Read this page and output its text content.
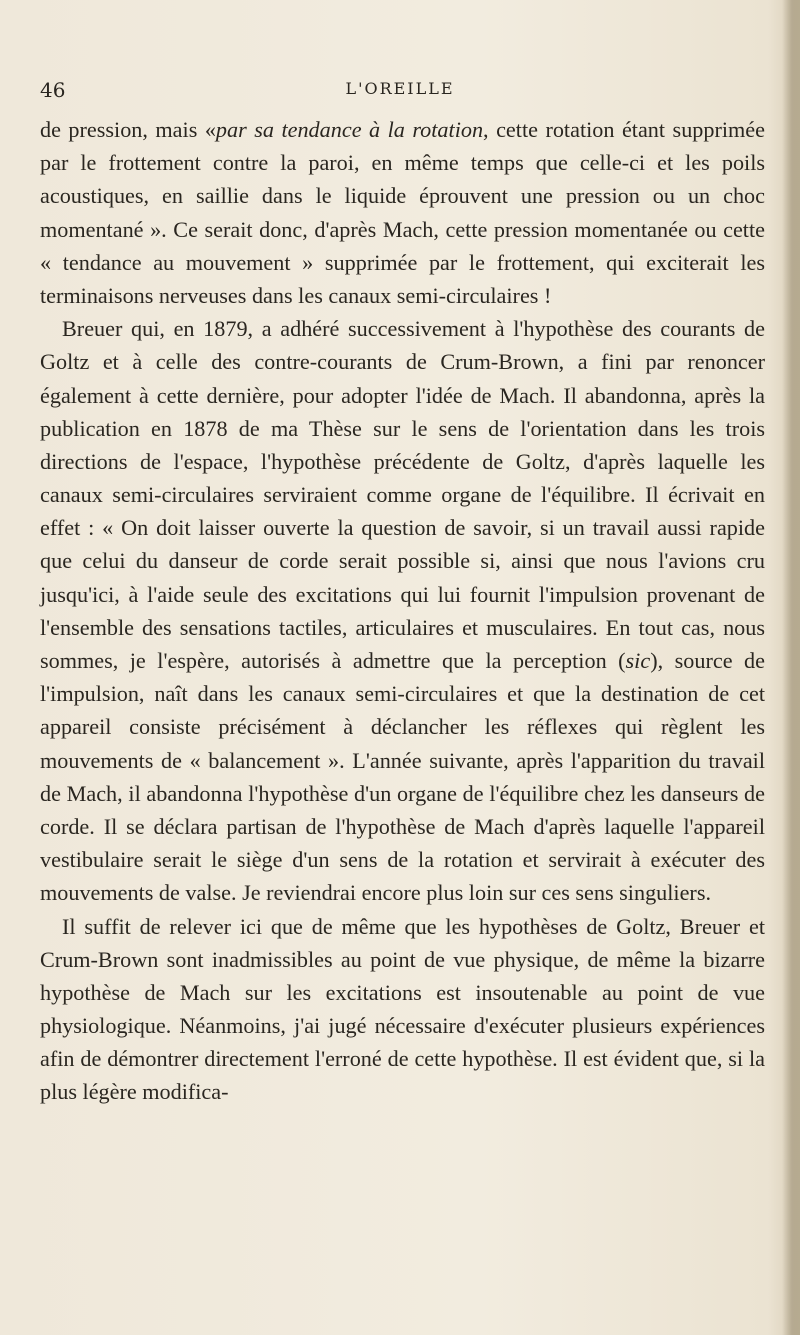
46	L'OREILLE

de pression, mais «par sa tendance à la rotation, cette rotation étant supprimée par le frottement contre la paroi, en même temps que celle-ci et les poils acoustiques, en saillie dans le liquide éprouvent une pression ou un choc momentané ». Ce serait donc, d'après Mach, cette pression momentanée ou cette « tendance au mouvement » supprimée par le frottement, qui exciterait les terminaisons nerveuses dans les canaux semi-circulaires !

Breuer qui, en 1879, a adhéré successivement à l'hypothèse des courants de Goltz et à celle des contre-courants de Crum-Brown, a fini par renoncer également à cette dernière, pour adopter l'idée de Mach. Il abandonna, après la publication en 1878 de ma Thèse sur le sens de l'orientation dans les trois directions de l'espace, l'hypothèse précédente de Goltz, d'après laquelle les canaux semi-circulaires serviraient comme organe de l'équilibre. Il écrivait en effet : « On doit laisser ouverte la question de savoir, si un travail aussi rapide que celui du danseur de corde serait possible si, ainsi que nous l'avions cru jusqu'ici, à l'aide seule des excitations qui lui fournit l'impulsion provenant de l'ensemble des sensations tactiles, articulaires et musculaires. En tout cas, nous sommes, je l'espère, autorisés à admettre que la perception (sic), source de l'impulsion, naît dans les canaux semi-circulaires et que la destination de cet appareil consiste précisément à déclancher les réflexes qui règlent les mouvements de « balancement ». L'année suivante, après l'apparition du travail de Mach, il abandonna l'hypothèse d'un organe de l'équilibre chez les danseurs de corde. Il se déclara partisan de l'hypothèse de Mach d'après laquelle l'appareil vestibulaire serait le siège d'un sens de la rotation et servirait à exécuter des mouvements de valse. Je reviendrai encore plus loin sur ces sens singuliers.

Il suffit de relever ici que de même que les hypothèses de Goltz, Breuer et Crum-Brown sont inadmissibles au point de vue physique, de même la bizarre hypothèse de Mach sur les excitations est insoutenable au point de vue physiologique. Néanmoins, j'ai jugé nécessaire d'exécuter plusieurs expériences afin de démontrer directement l'erroné de cette hypothèse. Il est évident que, si la plus légère modifica-
